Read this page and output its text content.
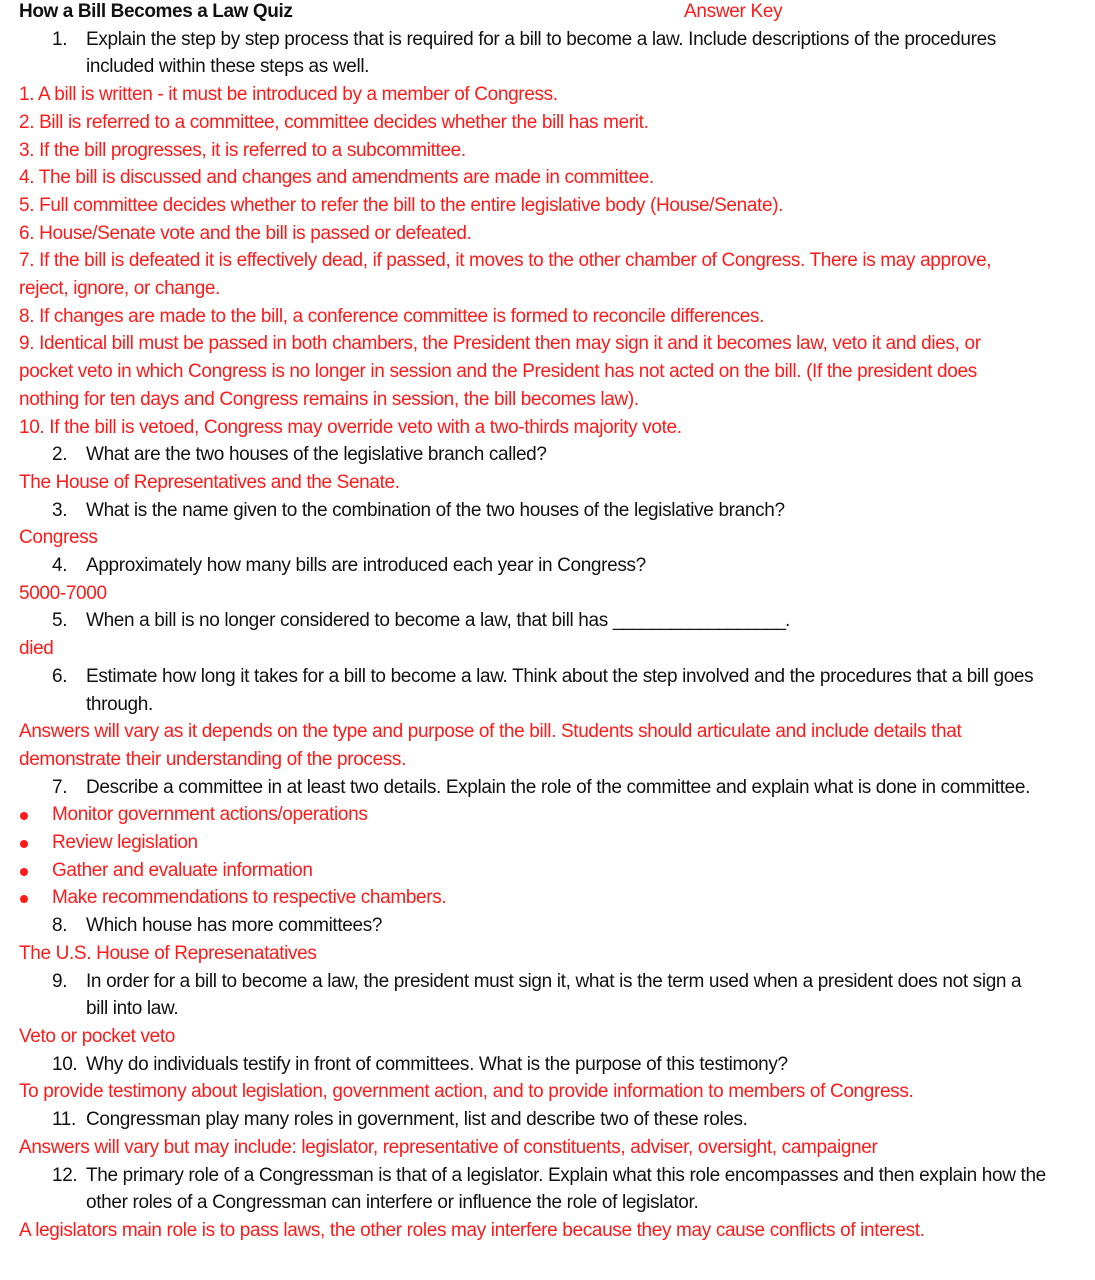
How a Bill Becomes a Law Quiz	Answer Key
1. Explain the step by step process that is required for a bill to become a law. Include descriptions of the procedures included within these steps as well.
1. A bill is written - it must be introduced by a member of Congress.
2. Bill is referred to a committee, committee decides whether the bill has merit.
3. If the bill progresses, it is referred to a subcommittee.
4. The bill is discussed and changes and amendments are made in committee.
5. Full committee decides whether to refer the bill to the entire legislative body (House/Senate).
6. House/Senate vote and the bill is passed or defeated.
7. If the bill is defeated it is effectively dead, if passed, it moves to the other chamber of Congress. There is may approve, reject, ignore, or change.
8. If changes are made to the bill, a conference committee is formed to reconcile differences.
9. Identical bill must be passed in both chambers, the President then may sign it and it becomes law, veto it and dies, or pocket veto in which Congress is no longer in session and the President has not acted on the bill. (If the president does nothing for ten days and Congress remains in session, the bill becomes law).
10. If the bill is vetoed, Congress may override veto with a two-thirds majority vote.
2. What are the two houses of the legislative branch called?
The House of Representatives and the Senate.
3. What is the name given to the combination of the two houses of the legislative branch?
Congress
4. Approximately how many bills are introduced each year in Congress?
5000-7000
5. When a bill is no longer considered to become a law, that bill has __________________.
died
6. Estimate how long it takes for a bill to become a law. Think about the step involved and the procedures that a bill goes through.
Answers will vary as it depends on the type and purpose of the bill. Students should articulate and include details that demonstrate their understanding of the process.
7. Describe a committee in at least two details. Explain the role of the committee and explain what is done in committee.
Monitor government actions/operations
Review legislation
Gather and evaluate information
Make recommendations to respective chambers.
8. Which house has more committees?
The U.S. House of Represenatatives
9. In order for a bill to become a law, the president must sign it, what is the term used when a president does not sign a bill into law.
Veto or pocket veto
10. Why do individuals testify in front of committees. What is the purpose of this testimony?
To provide testimony about legislation, government action, and to provide information to members of Congress.
11. Congressman play many roles in government, list and describe two of these roles.
Answers will vary but may include: legislator, representative of constituents, adviser, oversight, campaigner
12. The primary role of a Congressman is that of a legislator. Explain what this role encompasses and then explain how the other roles of a Congressman can interfere or influence the role of legislator.
A legislators main role is to pass laws, the other roles may interfere because they may cause conflicts of interest.
